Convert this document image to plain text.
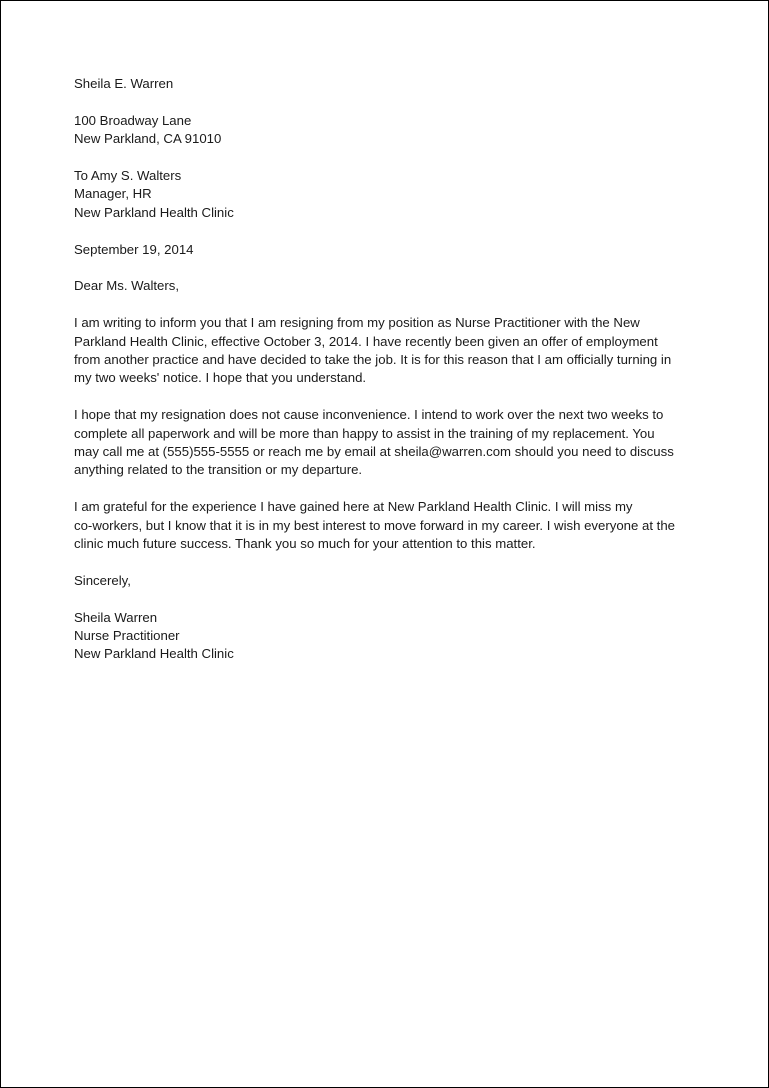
Sheila E. Warren
100 Broadway Lane
New Parkland, CA 91010
To Amy S. Walters
Manager, HR
New Parkland Health Clinic
September 19, 2014
Dear Ms. Walters,
I am writing to inform you that I am resigning from my position as Nurse Practitioner with the New
Parkland Health Clinic, effective October 3, 2014. I have recently been given an offer of employment
from another practice and have decided to take the job. It is for this reason that I am officially turning in
my two weeks' notice. I hope that you understand.
I hope that my resignation does not cause inconvenience. I intend to work over the next two weeks to
complete all paperwork and will be more than happy to assist in the training of my replacement. You
may call me at (555)555-5555 or reach me by email at sheila@warren.com should you need to discuss
anything related to the transition or my departure.
I am grateful for the experience I have gained here at New Parkland Health Clinic. I will miss my
co-workers, but I know that it is in my best interest to move forward in my career. I wish everyone at the
clinic much future success. Thank you so much for your attention to this matter.
Sincerely,
Sheila Warren
Nurse Practitioner
New Parkland Health Clinic
